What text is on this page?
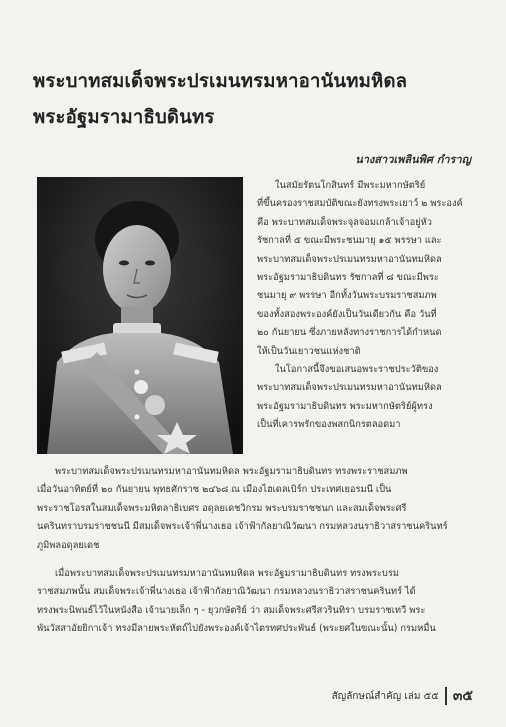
พระบาทสมเด็จพระปรเมนทรมหาอานันทมหิดล
พระอัฐมรามาธิบดินทร
นางสาวเพลินพิศ กำราญ

ในสมัยรัตนโกสินทร์ มีพระมหากษัตริย์
ที่ขึ้นครองราชสมบัติขณะยังทรงพระเยาว์ ๒ พระองค์
คือ พระบาทสมเด็จพระจุลจอมเกล้าเจ้าอยู่หัว
รัชกาลที่ ๕ ขณะมีพระชนมายุ ๑๕ พรรษา และ
พระบาทสมเด็จพระปรเมนทรมหาอานันทมหิดล
พระอัฐมรามาธิบดินทร รัชกาลที่ ๘ ขณะมีพระ
ชนมายุ ๙ พรรษา อีกทั้งวันพระบรมราชสมภพ
ของทั้งสองพระองค์ยังเป็นวันเดียวกัน คือ วันที่
๒๐ กันยายน ซึ่งภายหลังทางราชการได้กำหนด
ให้เป็นวันเยาวชนแห่งชาติ

ในโอกาสนี้จึงขอเสนอพระราชประวัติของ
พระบาทสมเด็จพระปรเมนทรมหาอานันทมหิดล
พระอัฐมรามาธิบดินทร พระมหากษัตริย์ผู้ทรง
เป็นที่เคารพรักของพสกนิกรตลอดมา

พระบาทสมเด็จพระปรเมนทรมหาอานันทมหิดล พระอัฐมรามาธิบดินทร ทรงพระราชสมภพ
เมื่อวันอาทิตย์ที่ ๒๐ กันยายน พุทธศักราช ๒๔๖๘ ณ เมืองไฮเดลเบิร์ก ประเทศเยอรมนี เป็น
พระราชโอรสในสมเด็จพระมหิตลาธิเบศร อดุลยเดชวิกรม พระบรมราชชนก และสมเด็จพระศรี
นครินทราบรมราชชนนี มีสมเด็จพระเจ้าพี่นางเธอ เจ้าฟ้ากัลยาณิวัฒนา กรมหลวงนราธิวาสราชนครินทร์
ภูมิพลอดุลยเดช

เมื่อพระบาทสมเด็จพระปรเมนทรมหาอานันทมหิดล พระอัฐมรามาธิบดินทร ทรงพระบรม
ราชสมภพนั้น สมเด็จพระเจ้าพี่นางเธอ เจ้าฟ้ากัลยาณิวัฒนา กรมหลวงนราธิวาสราชนครินทร์ ได้
ทรงพระนิพนธ์ไว้ในหนังสือ เจ้านายเล็ก ๆ - ยุวกษัตริย์ ว่า สมเด็จพระศรีสวรินทิรา บรมราชเทวี พระ
พันวัสสาอัยยิกาเจ้า ทรงมีลายพระหัตถ์ไปยังพระองค์เจ้าไตรทศประพันธ์ (พระยศในขณะนั้น) กรมหมื่น

สัญลักษณ์สำคัญ เล่ม ๕๕ ๓๕
